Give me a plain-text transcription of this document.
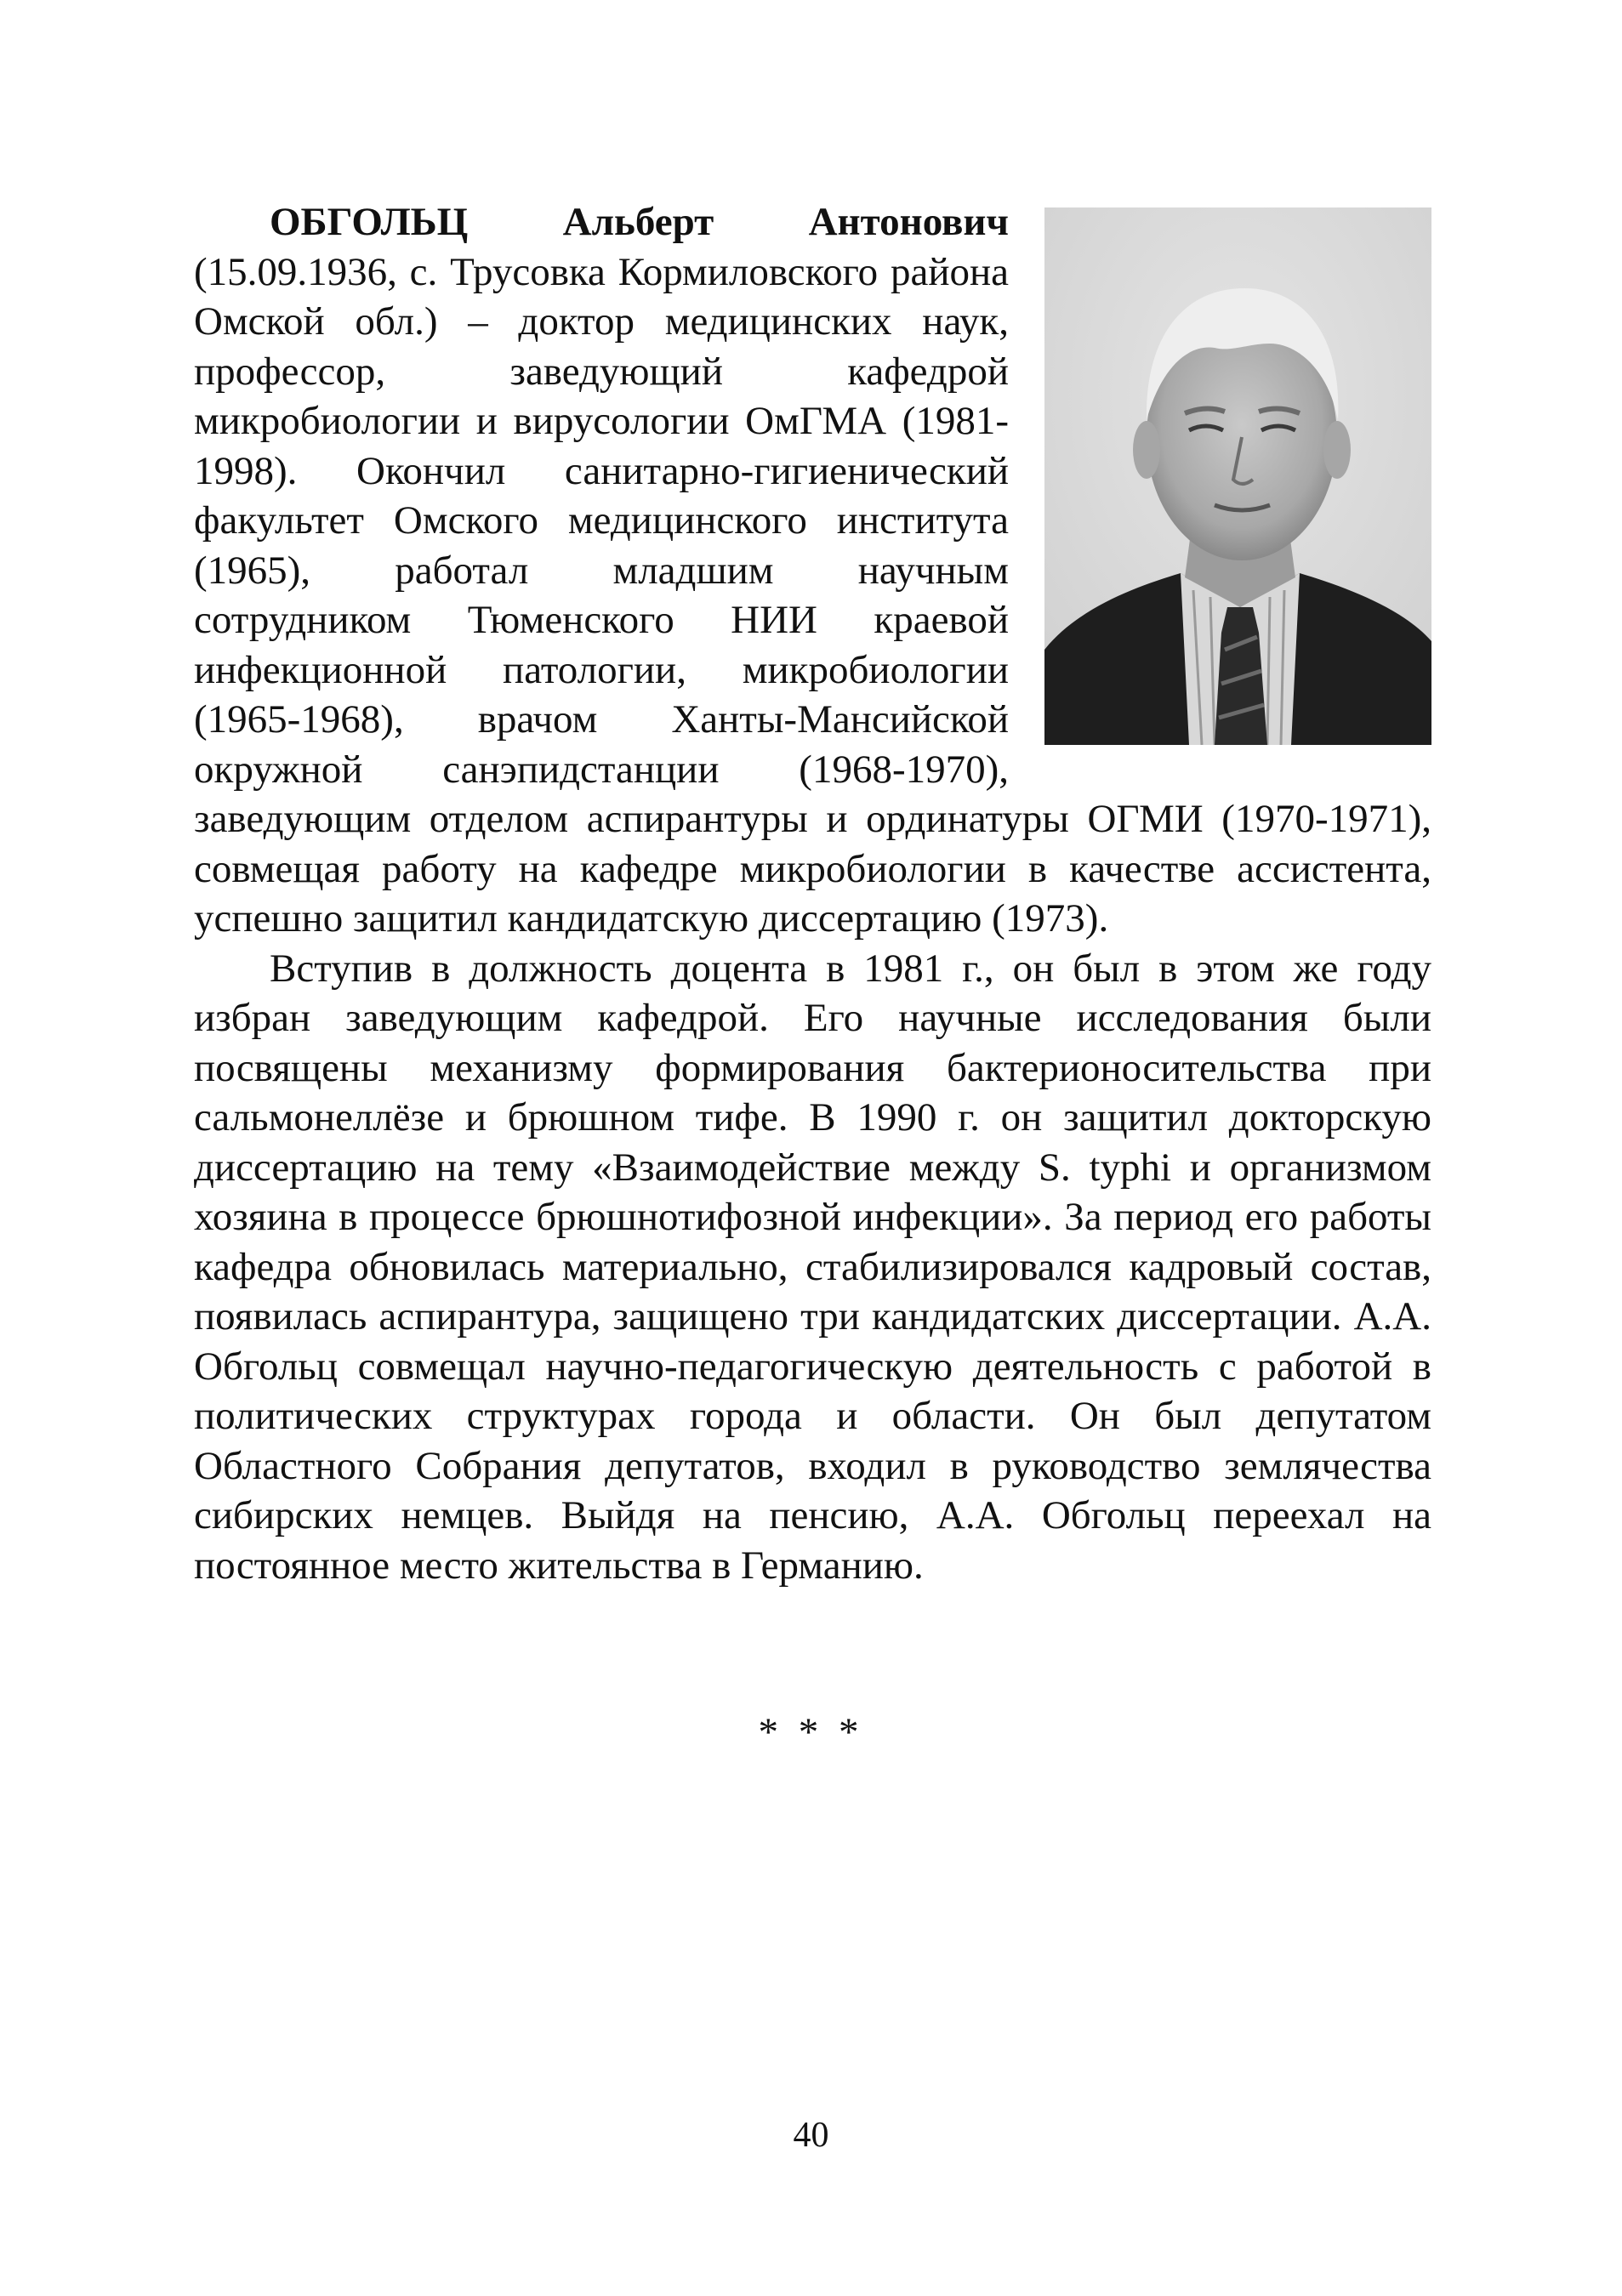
ОБГОЛЬЦ Альберт Антонович (15.09.1936, с. Трусовка Кормиловского района Омской обл.) – доктор медицинских наук, профессор, заведующий кафедрой микробиологии и вирусологии ОмГМА (1981-1998). Окончил санитарно-гигиенический факультет Омского медицинского института (1965), работал младшим научным сотрудником Тюменского НИИ краевой инфекционной патологии, микробиологии (1965-1968), врачом Ханты-Мансийской окружной санэпидстанции (1968-1970), заведующим отделом аспирантуры и ординатуры ОГМИ (1970-1971), совмещая работу на кафедре микробиологии в качестве ассистента, успешно защитил кандидатскую диссертацию (1973).

Вступив в должность доцента в 1981 г., он был в этом же году избран заведующим кафедрой. Его научные исследования были посвящены механизму формирования бактерионосительства при сальмонеллёзе и брюшном тифе. В 1990 г. он защитил докторскую диссертацию на тему «Взаимодействие между S. typhi и организмом хозяина в процессе брюшнотифозной инфекции». За период его работы кафедра обновилась материально, стабилизировался кадровый состав, появилась аспирантура, защищено три кандидатских диссертации. А.А. Обгольц совмещал научно-педагогическую деятельность с работой в политических структурах города и области. Он был депутатом Областного Собрания депутатов, входил в руководство землячества сибирских немцев. Выйдя на пенсию, А.А. Обгольц переехал на постоянное место жительства в Германию.

* * *
40
